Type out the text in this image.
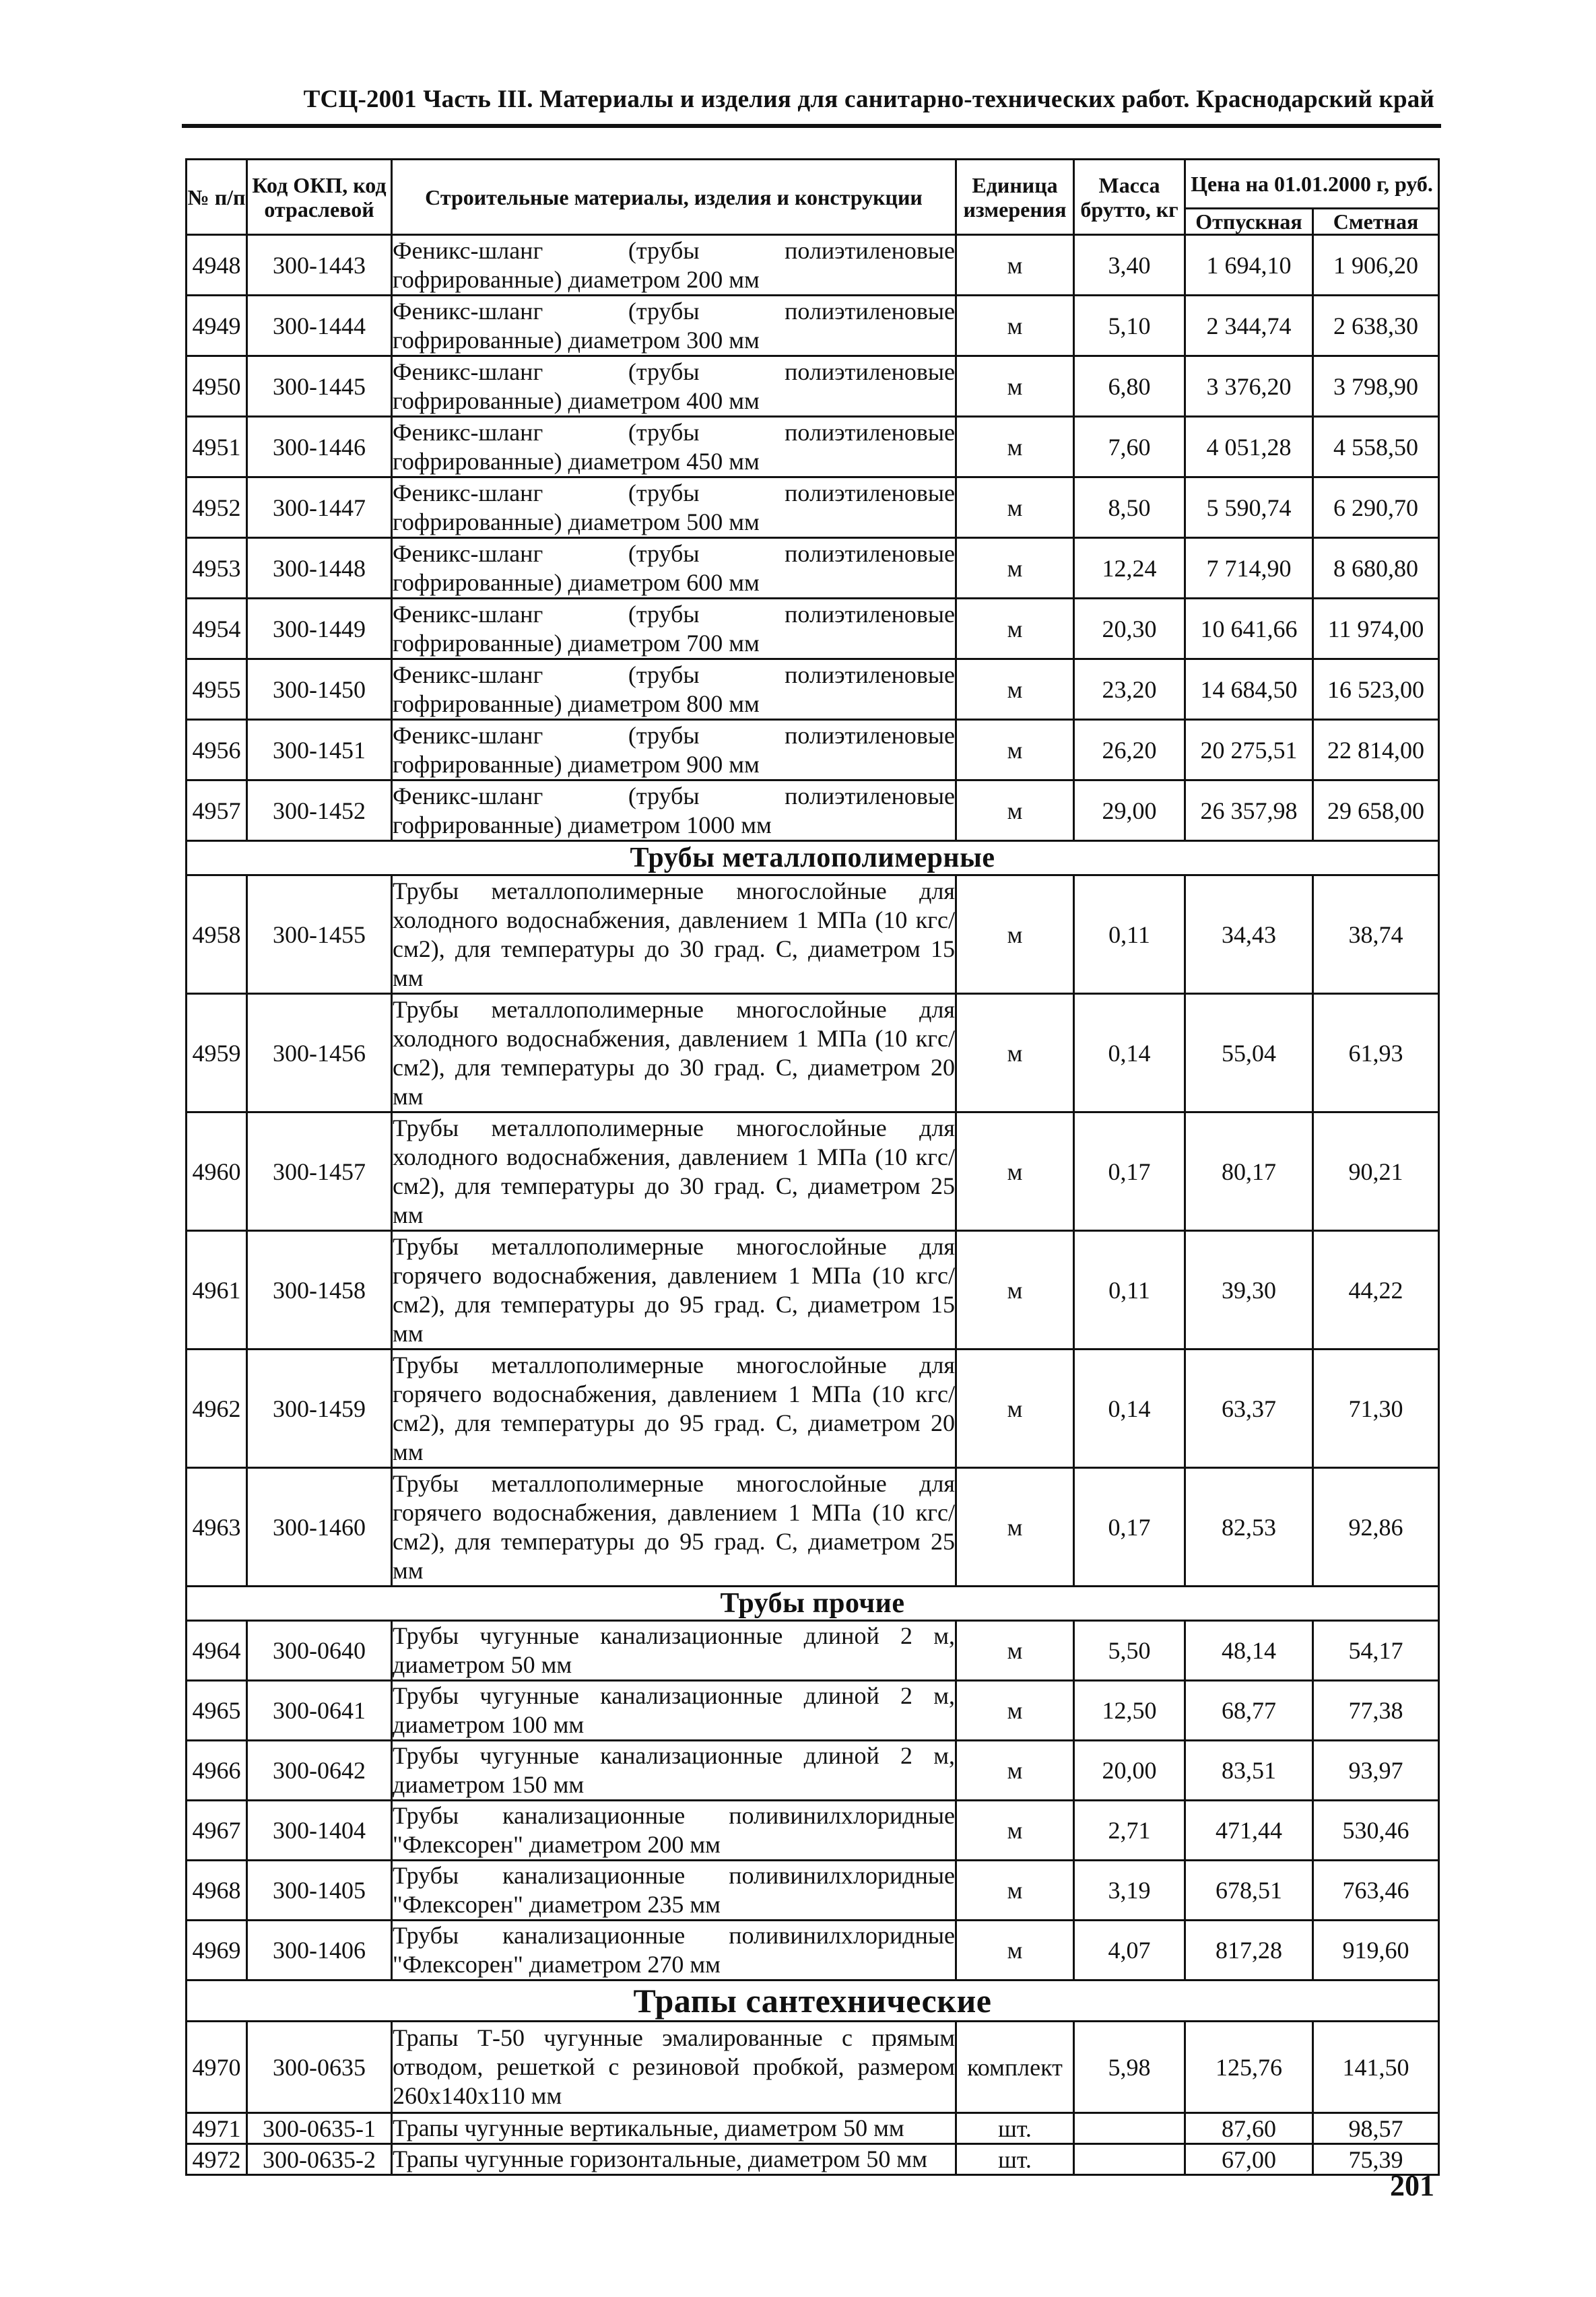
ТСЦ-2001 Часть III. Материалы и изделия для санитарно-технических работ. Краснодарский край
№ п/п	Код ОКП, код отраслевой	Строительные материалы, изделия и конструкции	Единица измерения	Масса брутто, кг	Цена на 01.01.2000 г, руб.	
					Отпускная	Сметная
4948	300-1443	Феникс-шланг (трубы полиэтиленовые гофрированные) диаметром 200 мм	м	3,40	1 694,10	1 906,20
4949	300-1444	Феникс-шланг (трубы полиэтиленовые гофрированные) диаметром 300 мм	м	5,10	2 344,74	2 638,30
4950	300-1445	Феникс-шланг (трубы полиэтиленовые гофрированные) диаметром 400 мм	м	6,80	3 376,20	3 798,90
4951	300-1446	Феникс-шланг (трубы полиэтиленовые гофрированные) диаметром 450 мм	м	7,60	4 051,28	4 558,50
4952	300-1447	Феникс-шланг (трубы полиэтиленовые гофрированные) диаметром 500 мм	м	8,50	5 590,74	6 290,70
4953	300-1448	Феникс-шланг (трубы полиэтиленовые гофрированные) диаметром 600 мм	м	12,24	7 714,90	8 680,80
4954	300-1449	Феникс-шланг (трубы полиэтиленовые гофрированные) диаметром 700 мм	м	20,30	10 641,66	11 974,00
4955	300-1450	Феникс-шланг (трубы полиэтиленовые гофрированные) диаметром 800 мм	м	23,20	14 684,50	16 523,00
4956	300-1451	Феникс-шланг (трубы полиэтиленовые гофрированные) диаметром 900 мм	м	26,20	20 275,51	22 814,00
4957	300-1452	Феникс-шланг (трубы полиэтиленовые гофрированные) диаметром 1000 мм	м	29,00	26 357,98	29 658,00
Трубы металлополимерные						
4958	300-1455	Трубы металлополимерные многослойные для холодного водоснабжения, давлением 1 МПа (10 кгс/см2), для температуры до 30 град. С, диаметром 15 мм	м	0,11	34,43	38,74
4959	300-1456	Трубы металлополимерные многослойные для холодного водоснабжения, давлением 1 МПа (10 кгс/см2), для температуры до 30 град. С, диаметром 20 мм	м	0,14	55,04	61,93
4960	300-1457	Трубы металлополимерные многослойные для холодного водоснабжения, давлением 1 МПа (10 кгс/см2), для температуры до 30 град. С, диаметром 25 мм	м	0,17	80,17	90,21
4961	300-1458	Трубы металлополимерные многослойные для горячего водоснабжения, давлением 1 МПа (10 кгс/см2), для температуры до 95 град. С, диаметром 15 мм	м	0,11	39,30	44,22
4962	300-1459	Трубы металлополимерные многослойные для горячего водоснабжения, давлением 1 МПа (10 кгс/см2), для температуры до 95 град. С, диаметром 20 мм	м	0,14	63,37	71,30
4963	300-1460	Трубы металлополимерные многослойные для горячего водоснабжения, давлением 1 МПа (10 кгс/см2), для температуры до 95 град. С, диаметром 25 мм	м	0,17	82,53	92,86
Трубы прочие						
4964	300-0640	Трубы чугунные канализационные длиной 2 м, диаметром 50 мм	м	5,50	48,14	54,17
4965	300-0641	Трубы чугунные канализационные длиной 2 м, диаметром 100 мм	м	12,50	68,77	77,38
4966	300-0642	Трубы чугунные канализационные длиной 2 м, диаметром 150 мм	м	20,00	83,51	93,97
4967	300-1404	Трубы канализационные поливинилхлоридные "Флексорен" диаметром 200 мм	м	2,71	471,44	530,46
4968	300-1405	Трубы канализационные поливинилхлоридные "Флексорен" диаметром 235 мм	м	3,19	678,51	763,46
4969	300-1406	Трубы канализационные поливинилхлоридные "Флексорен" диаметром 270 мм	м	4,07	817,28	919,60
Трапы сантехнические						
4970	300-0635	Трапы Т-50 чугунные эмалированные с прямым отводом, решеткой с резиновой пробкой, размером 260х140х110 мм	комплект	5,98	125,76	141,50
4971	300-0635-1	Трапы чугунные вертикальные, диаметром 50 мм	шт.		87,60	98,57
4972	300-0635-2	Трапы чугунные горизонтальные, диаметром 50 мм	шт.		67,00	75,39
201
